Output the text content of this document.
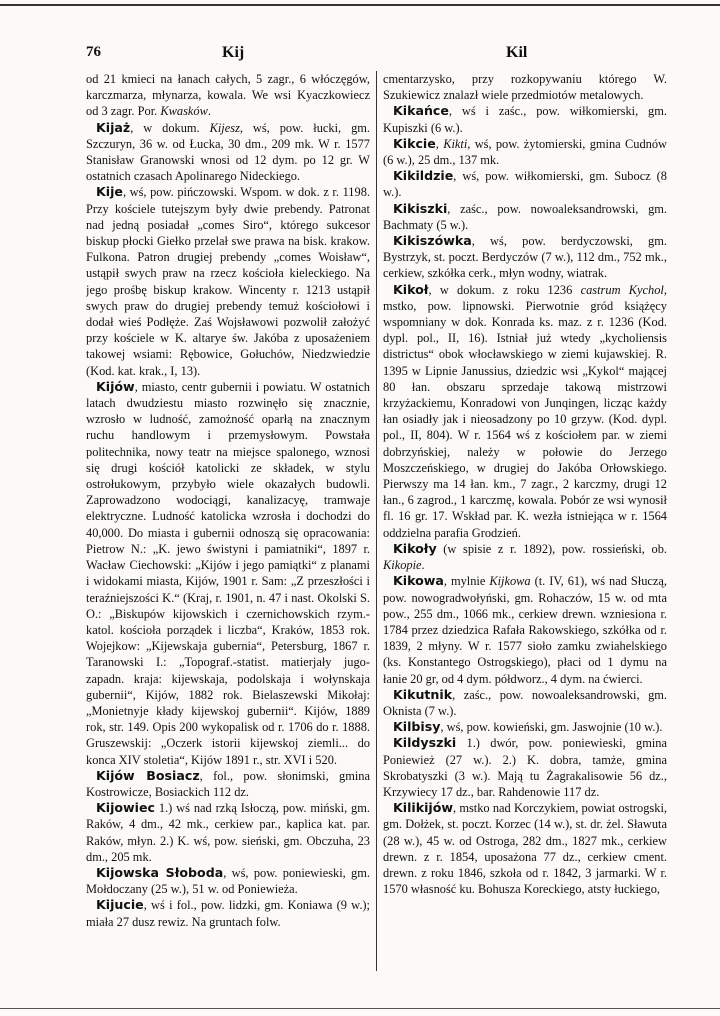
76	Kij	Kil

od 21 kmieci na łanach całych, 5 zagr., 6 włóczęgów, karczmarza, młynarza, kowala. We wsi Kyaczkowiecz od 3 zagr. Por. Kwasków.

Kijaż, w dokum. Kijesz, wś, pow. łucki, gm. Szczuryn, 36 w. od Łucka, 30 dm., 209 mk. W r. 1577 Stanisław Granowski wnosi od 12 dym. po 12 gr. W ostatnich czasach Apolinarego Nideckiego.

Kije, wś, pow. pińczowski. Wspom. w dok. z r. 1198. Przy kościele tutejszym były dwie prebendy. Patronat nad jedną posiadał „comes Siro“, którego sukcesor biskup płocki Giełko przelał swe prawa na bisk. krakow. Fulkona. Patron drugiej prebendy „comes Woisław“, ustąpił swych praw na rzecz kościoła kieleckiego. Na jego prośbę biskup krakow. Wincenty r. 1213 ustąpił swych praw do drugiej prebendy temuż kościołowi i dodał wieś Podłęże. Zaś Wojsławowi pozwolił założyć przy kościele w K. altarye św. Jakóba z uposażeniem takowej wsiami: Rębowice, Gołuchów, Niedzwiedzie (Kod. kat. krak., I, 13).

Kijów, miasto, centr gubernii i powiatu. W ostatnich latach dwudziestu miasto rozwinęło się znacznie, wzrosło w ludność, zamożność oparłą na znacznym ruchu handlowym i przemysłowym. Powstała politechnika, nowy teatr na miejsce spalonego, wznosi się drugi kościół katolicki ze składek, w stylu ostrołukowym, przybyło wiele okazałych budowli. Zaprowadzono wodociągi, kanalizacyę, tramwaje elektryczne. Ludność katolicka wzrosła i dochodzi do 40,000. Do miasta i gubernii odnoszą się opracowania: Pietrow N.: „K. jewo świstyni i pamiatniki“, 1897 r. Wacław Ciechowski: „Kijów i jego pamiątki“ z planami i widokami miasta, Kijów, 1901 r. Sam: „Z przeszłości i teraźniejszości K.“ (Kraj, r. 1901, n. 47 i nast. Okolski S. O.: „Biskupów kijowskich i czernichowskich rzym.-katol. kościoła porządek i liczba“, Kraków, 1853 rok. Wojejkow: „Kijewskaja gubernia“, Petersburg, 1867 r. Taranowski I.: „Topograf.-statist. matierjały jugo-zapadn. kraja: kijewskaja, podolskaja i wołynskaja gubernii“, Kijów, 1882 rok. Bielaszewski Mikołaj: „Monietnyje kłady kijewskoj gubernii“. Kijów, 1889 rok, str. 149. Opis 200 wykopalisk od r. 1706 do r. 1888. Gruszewskij: „Oczerk istorii kijewskoj ziemli... do konca XIV stoletia“, Kijów 1891 r., str. XVI i 520.

Kijów Bosiacz, fol., pow. słonimski, gmina Kostrowicze, Bosiackich 112 dz.

Kijowiec 1.) wś nad rzką Isłoczą, pow. miński, gm. Raków, 4 dm., 42 mk., cerkiew par., kaplica kat. par. Raków, młyn. 2.) K. wś, pow. sieński, gm. Obczuha, 23 dm., 205 mk.

Kijowska Słoboda, wś, pow. poniewieski, gm. Mołdoczany (25 w.), 51 w. od Poniewieża.

Kijucie, wś i fol., pow. lidzki, gm. Koniawa (9 w.); miała 27 dusz rewiz. Na gruntach folw.

cmentarzysko, przy rozkopywaniu którego W. Szukiewicz znalazł wiele przedmiotów metalowych.

Kikańce, wś i zaśc., pow. wiłkomierski, gm. Kupiszki (6 w.).

Kikcie, Kikti, wś, pow. żytomierski, gmina Cudnów (6 w.), 25 dm., 137 mk.

Kikildzie, wś, pow. wiłkomierski, gm. Subocz (8 w.).

Kikiszki, zaśc., pow. nowoaleksandrowski, gm. Bachmaty (5 w.).

Kikiszówka, wś, pow. berdyczowski, gm. Bystrzyk, st. poczt. Berdyczów (7 w.), 112 dm., 752 mk., cerkiew, szkółka cerk., młyn wodny, wiatrak.

Kikoł, w dokum. z roku 1236 castrum Kychol, mstko, pow. lipnowski. Pierwotnie gród książęcy wspomniany w dok. Konrada ks. maz. z r. 1236 (Kod. dypl. pol., II, 16). Istniał już wtedy „kycholiensis districtus“ obok włocławskiego w ziemi kujawskiej. R. 1395 w Lipnie Janussius, dziedzic wsi „Kykol“ mającej 80 łan. obszaru sprzedaje takową mistrzowi krzyżackiemu, Konradowi von Junqingen, licząc każdy łan osiadły jak i nieosadzony po 10 grzyw. (Kod. dypl. pol., II, 804). W r. 1564 wś z kościołem par. w ziemi dobrzyńskiej, należy w połowie do Jerzego Moszczeńskiego, w drugiej do Jakóba Orłowskiego. Pierwszy ma 14 łan. km., 7 zagr., 2 karczmy, drugi 12 łan., 6 zagrod., 1 karczmę, kowala. Pobór ze wsi wynosił fl. 16 gr. 17. Wskład par. K. wezła istniejąca w r. 1564 oddzielna parafia Grodzień.

Kikoły (w spisie z r. 1892), pow. rossieński, ob. Kikopie.

Kikowa, mylnie Kijkowa (t. IV, 61), wś nad Słuczą, pow. nowogradwołyński, gm. Rohaczów, 15 w. od mta pow., 255 dm., 1066 mk., cerkiew drewn. wzniesiona r. 1784 przez dziedzica Rafała Rakowskiego, szkółka od r. 1839, 2 młyny. W r. 1577 sioło zamku zwiahelskiego (ks. Konstantego Ostrogskiego), płaci od 1 dymu na łanie 20 gr, od 4 dym. półdworz., 4 dym. na ćwierci.

Kikutnik, zaśc., pow. nowoaleksandrowski, gm. Oknista (7 w.).

Kilbisy, wś, pow. kowieński, gm. Jaswojnie (10 w.).

Kildyszki 1.) dwór, pow. poniewieski, gmina Poniewież (27 w.). 2.) K. dobra, tamże, gmina Skrobatyszki (3 w.). Mają tu Żagrakalisowie 56 dz., Krzywiecy 17 dz., bar. Rahdenowie 117 dz.

Kilikijów, mstko nad Korczykiem, powiat ostrogski, gm. Dołżek, st. poczt. Korzec (14 w.), st. dr. żel. Sławuta (28 w.), 45 w. od Ostroga, 282 dm., 1827 mk., cerkiew drewn. z r. 1854, uposażona 77 dz., cerkiew cment. drewn. z roku 1846, szkoła od r. 1842, 3 jarmarki. W r. 1570 własność ku. Bohusza Koreckiego, atsty łuckiego,
